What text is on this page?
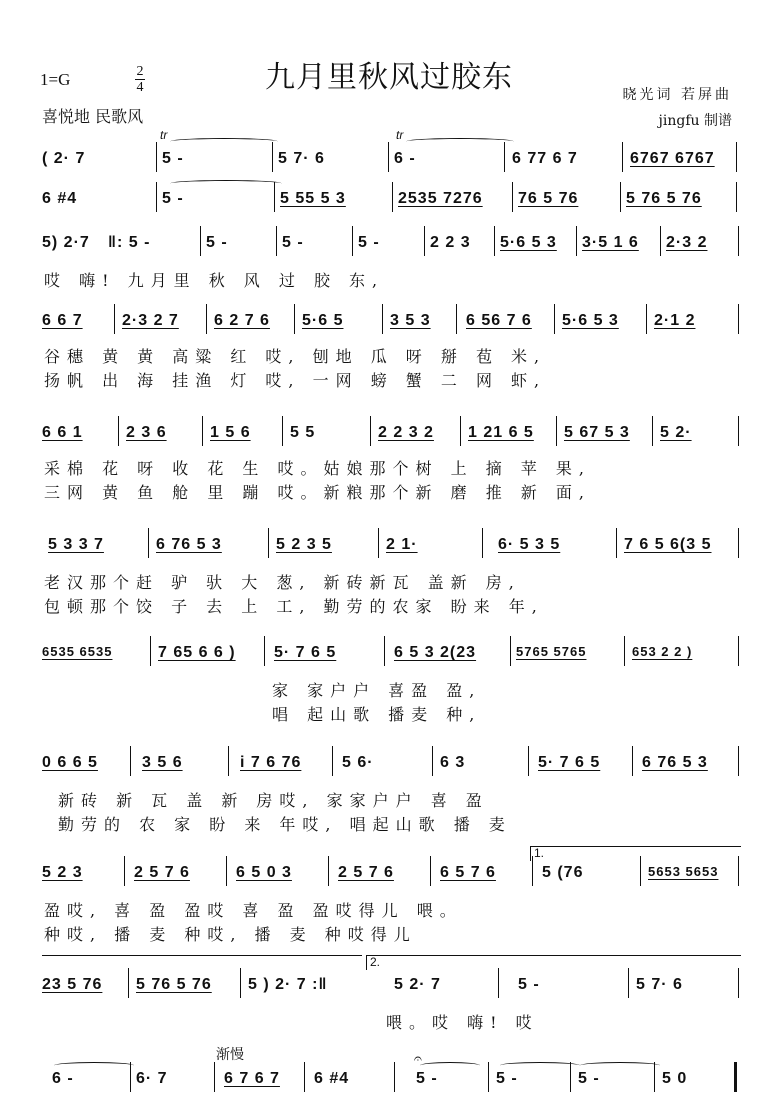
九月里秋风过胶东
1=G	2
4
喜悦地 民歌风
晓光词 若屏曲
jingfu 制谱
tr	tr
( 2· 7	5 -	5 7· 6	6 -	6 77 6 7	6767 6767
6 #4	5 -	5 55 5 3	2535 7276 76 5 76	5 76 5 76
5) 2·7 ‖: 5 -	5 -	5 -	5 -	2 2 3 5·6 5 3 3·5 1 6 2·3 2
哎 嗨! 九月里 秋 风 过 胶 东,
6 6 7 2·3 2 7 6 2 7 6 5·6 5	3 5 3 6 56 7 6 5·6 5 3 2·1 2
谷穗 黄 黄 高粱 红 哎, 刨地 瓜 呀 掰 苞 米,
扬帆 出 海 挂渔 灯 哎, 一网 螃 蟹 二 网 虾,
6 6 1	2 3 6	1 5 6 5 5	2 2 3 2 1 21 6 5 5 67 5 3 5 2·
采棉 花 呀 收 花 生 哎。姑娘那个树 上 摘 苹 果,
三网 黄 鱼 舱 里 蹦 哎。新粮那个新 磨 推 新 面,
5 3 3 7	6 76 5 3	5 2 3 5	2 1·	6· 5 3 5	7 6 5 6(3 5
老汉那个赶 驴 驮 大 葱, 新砖新瓦 盖新 房,
包顿那个饺 子 去 上 工, 勤劳的农家 盼来 年,
6535 6535	7 65 6 6 ) 5· 7 6 5	6 5 3 2(23	5765 5765	653 2 2 )
家 家户户 喜盈 盈,
唱 起山歌 播麦 种,
0 6 6 5	3 5 6	i 7 6 76	5 6·	6 3	5· 7 6 5	6 76 5 3
新砖 新 瓦 盖 新 房哎, 家家户户 喜 盈
勤劳的 农 家 盼 来 年哎, 唱起山歌 播 麦
1.
5 2 3	2 5 7 6	6 5 0 3	2 5 7 6	6 5 7 6	5 (76	5653 5653
盈哎, 喜 盈 盈哎 喜 盈 盈哎得儿 喂。
种哎, 播 麦 种哎, 播 麦 种哎得儿
2.
23 5 76 5 76 5 76 5 ) 2· 7 :‖	5 2· 7	5 -	5 7· 6
喂。哎 嗨! 哎
渐慢
6 -	6· 7	6 7 6 7 6 #4	5 -	5 -	5 -	5 0
𝄐
